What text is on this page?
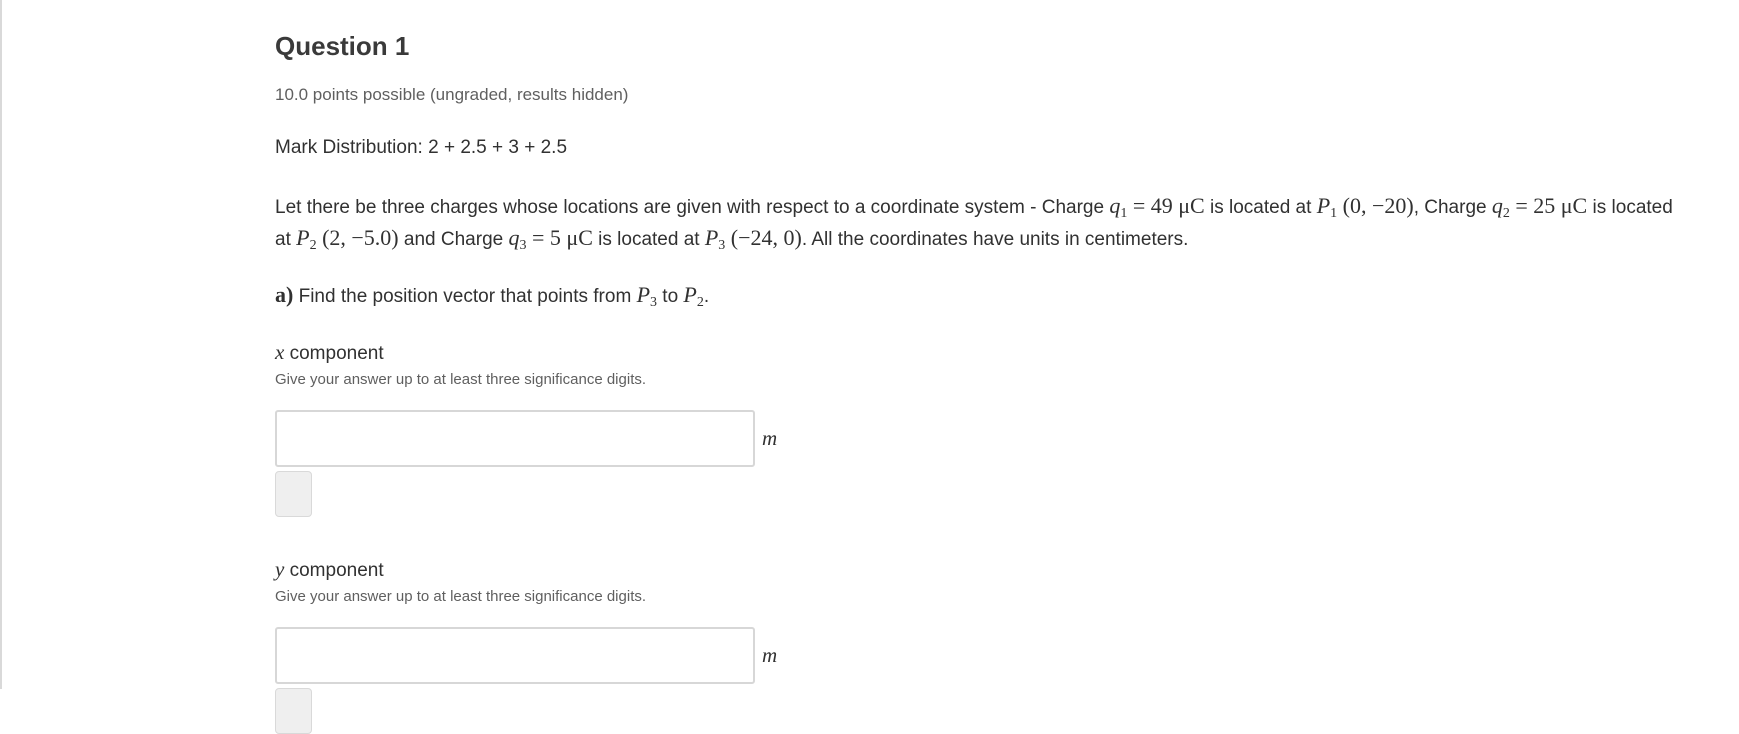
Question 1
10.0 points possible (ungraded, results hidden)
Mark Distribution: 2 + 2.5 + 3 + 2.5
Let there be three charges whose locations are given with respect to a coordinate system - Charge $q_1 = 49$ μC is located at $P_1$ (0, −20), Charge $q_2 = 25$ μC is located at $P_2$ (2, −5.0) and Charge $q_3 = 5$ μC is located at $P_3$ (−24, 0). All the coordinates have units in centimeters.
a) Find the position vector that points from $P_3$ to $P_2$.
x component
Give your answer up to at least three significance digits.
m
y component
Give your answer up to at least three significance digits.
m
